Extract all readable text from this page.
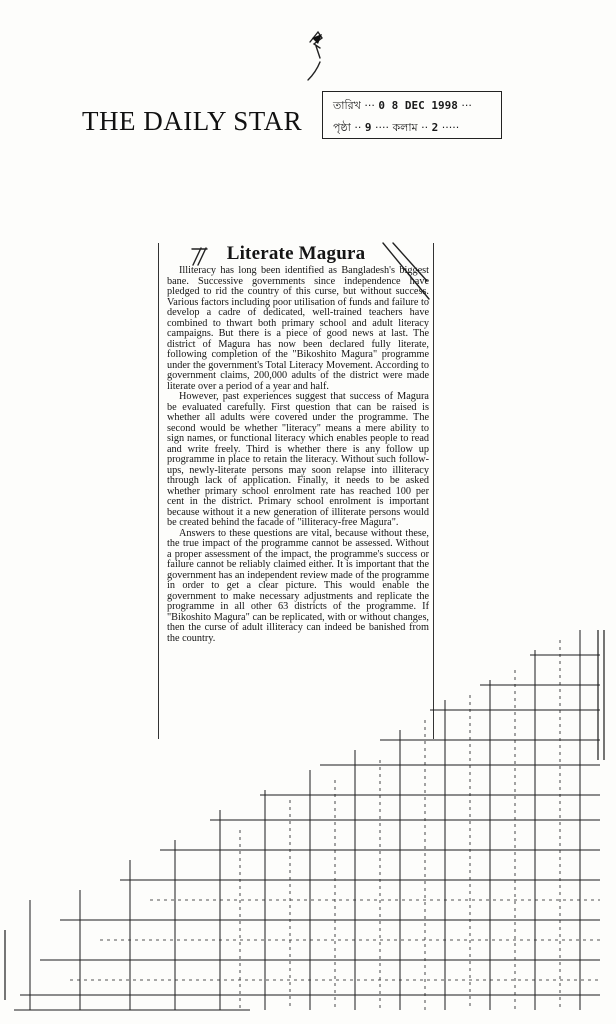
THE DAILY STAR
তারিখ ··· 0 8 DEC 1998 ···
পৃষ্ঠা ·· 9 ···· কলাম ·· 2 ·····
Literate Magura

Illiteracy has long been identified as Bangladesh's biggest bane. Successive governments since independence have pledged to rid the country of this curse, but without success. Various factors including poor utilisation of funds and failure to develop a cadre of dedicated, well-trained teachers have combined to thwart both primary school and adult literacy campaigns. But there is a piece of good news at last. The district of Magura has now been declared fully literate, following completion of the "Bikoshito Magura" programme under the government's Total Literacy Movement. According to government claims, 200,000 adults of the district were made literate over a period of a year and half.

However, past experiences suggest that success of Magura be evaluated carefully. First question that can be raised is whether all adults were covered under the programme. The second would be whether "literacy" means a mere ability to sign names, or functional literacy which enables people to read and write freely. Third is whether there is any follow up programme in place to retain the literacy. Without such follow-ups, newly-literate persons may soon relapse into illiteracy through lack of application. Finally, it needs to be asked whether primary school enrolment rate has reached 100 per cent in the district. Primary school enrolment is important because without it a new generation of illiterate persons would be created behind the facade of "illiteracy-free Magura".

Answers to these questions are vital, because without these, the true impact of the programme cannot be assessed. Without a proper assessment of the impact, the programme's success or failure cannot be reliably claimed either. It is important that the government has an independent review made of the programme in order to get a clear picture. This would enable the government to make necessary adjustments and replicate the programme in all other 63 districts of the programme. If "Bikoshito Magura" can be replicated, with or without changes, then the curse of adult illiteracy can indeed be banished from the country.
